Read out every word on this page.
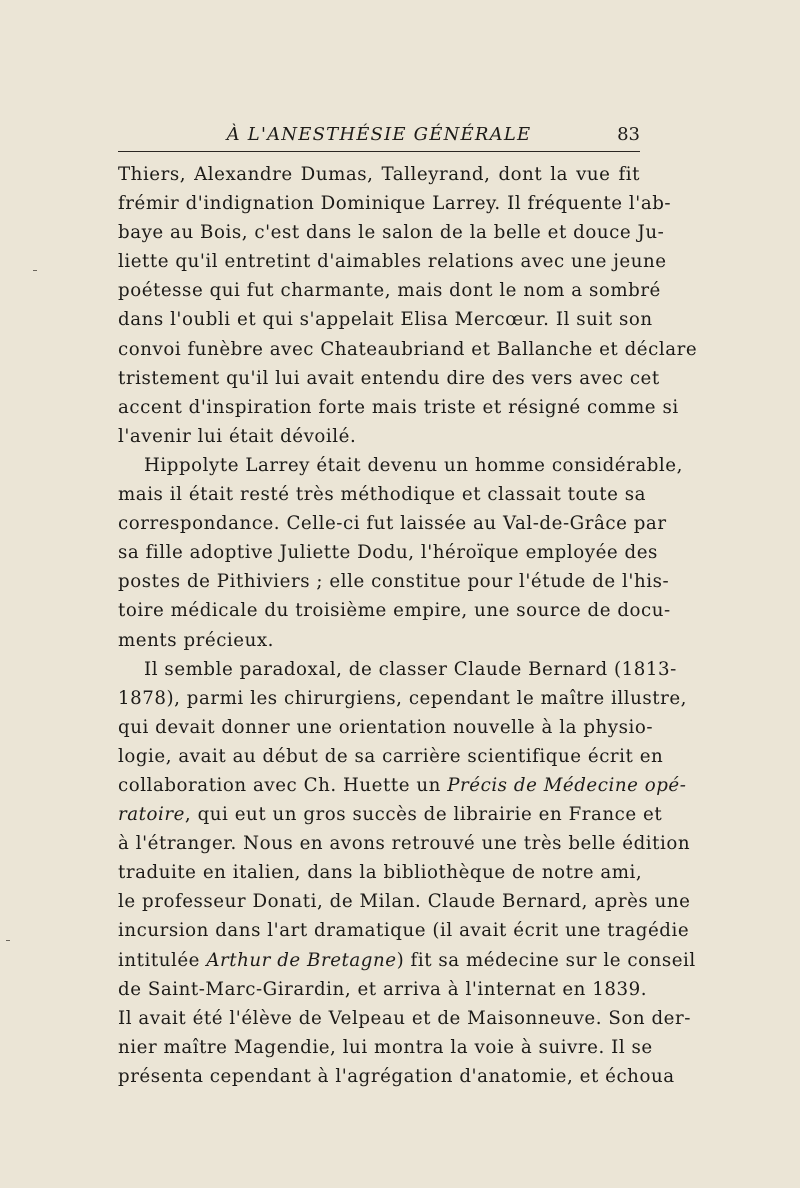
À L'ANESTHÉSIE GÉNÉRALE	83
Thiers, Alexandre Dumas, Talleyrand, dont la vue fit
frémir d'indignation Dominique Larrey. Il fréquente l'ab-
baye au Bois, c'est dans le salon de la belle et douce Ju-
liette qu'il entretint d'aimables relations avec une jeune
poétesse qui fut charmante, mais dont le nom a sombré
dans l'oubli et qui s'appelait Elisa Mercœur. Il suit son
convoi funèbre avec Chateaubriand et Ballanche et déclare
tristement qu'il lui avait entendu dire des vers avec cet
accent d'inspiration forte mais triste et résigné comme si
l'avenir lui était dévoilé.
Hippolyte Larrey était devenu un homme considérable,
mais il était resté très méthodique et classait toute sa
correspondance. Celle-ci fut laissée au Val-de-Grâce par
sa fille adoptive Juliette Dodu, l'héroïque employée des
postes de Pithiviers ; elle constitue pour l'étude de l'his-
toire médicale du troisième empire, une source de docu-
ments précieux.
Il semble paradoxal, de classer Claude Bernard (1813-
1878), parmi les chirurgiens, cependant le maître illustre,
qui devait donner une orientation nouvelle à la physio-
logie, avait au début de sa carrière scientifique écrit en
collaboration avec Ch. Huette un Précis de Médecine opé-
ratoire, qui eut un gros succès de librairie en France et
à l'étranger. Nous en avons retrouvé une très belle édition
traduite en italien, dans la bibliothèque de notre ami,
le professeur Donati, de Milan. Claude Bernard, après une
incursion dans l'art dramatique (il avait écrit une tragédie
intitulée Arthur de Bretagne) fit sa médecine sur le conseil
de Saint-Marc-Girardin, et arriva à l'internat en 1839.
Il avait été l'élève de Velpeau et de Maisonneuve. Son der-
nier maître Magendie, lui montra la voie à suivre. Il se
présenta cependant à l'agrégation d'anatomie, et échoua
